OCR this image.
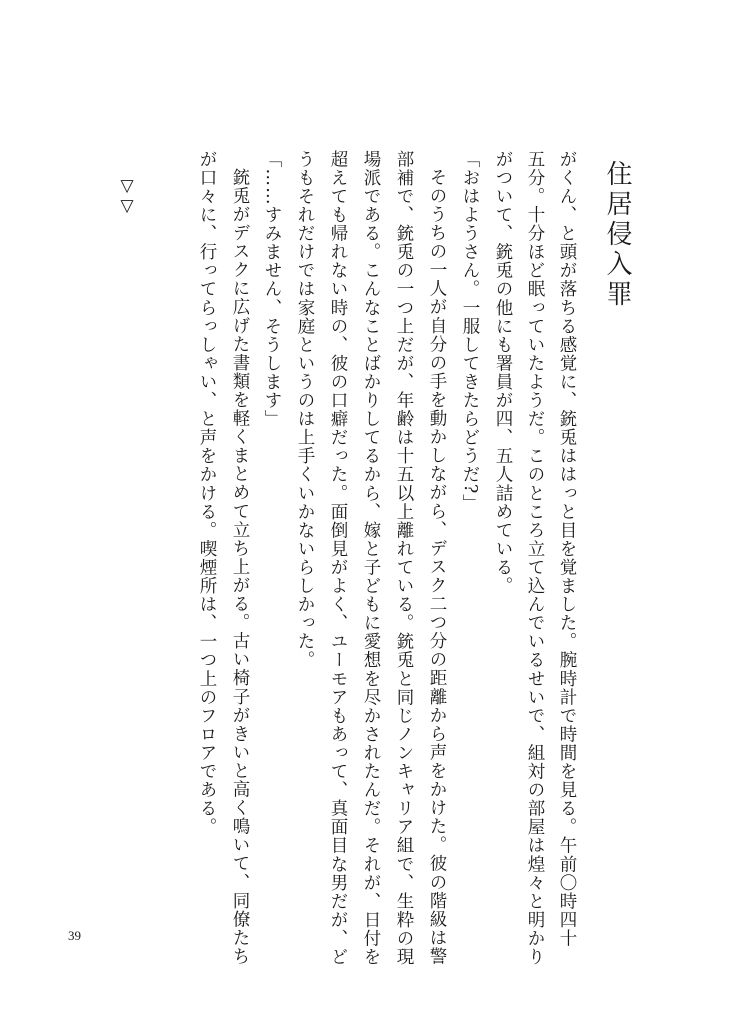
住居侵入罪
がくん、と頭が落ちる感覚に、銃兎ははっと目を覚ました。腕時計で時間を見る。午前〇時四十
五分。十分ほど眠っていたようだ。このところ立て込んでいるせいで、組対の部屋は煌々と明かり
がついて、銃兎の他にも署員が四、五人詰めている。
「おはようさん。一服してきたらどうだ?」
そのうちの一人が自分の手を動かしながら、デスク二つ分の距離から声をかけた。彼の階級は警
部補で、銃兎の一つ上だが、年齢は十五以上離れている。銃兎と同じノンキャリア組で、生粋の現
場派である。こんなことばかりしてるから、嫁と子どもに愛想を尽かされたんだ。それが、日付を
超えても帰れない時の、彼の口癖だった。面倒見がよく、ユーモアもあって、真面目な男だが、ど
うもそれだけでは家庭というのは上手くいかないらしかった。
「……すみません、そうします」
銃兎がデスクに広げた書類を軽くまとめて立ち上がる。古い椅子がきいと高く鳴いて、同僚たち
が口々に、行ってらっしゃい、と声をかける。喫煙所は、一つ上のフロアである。
▽▽
39
